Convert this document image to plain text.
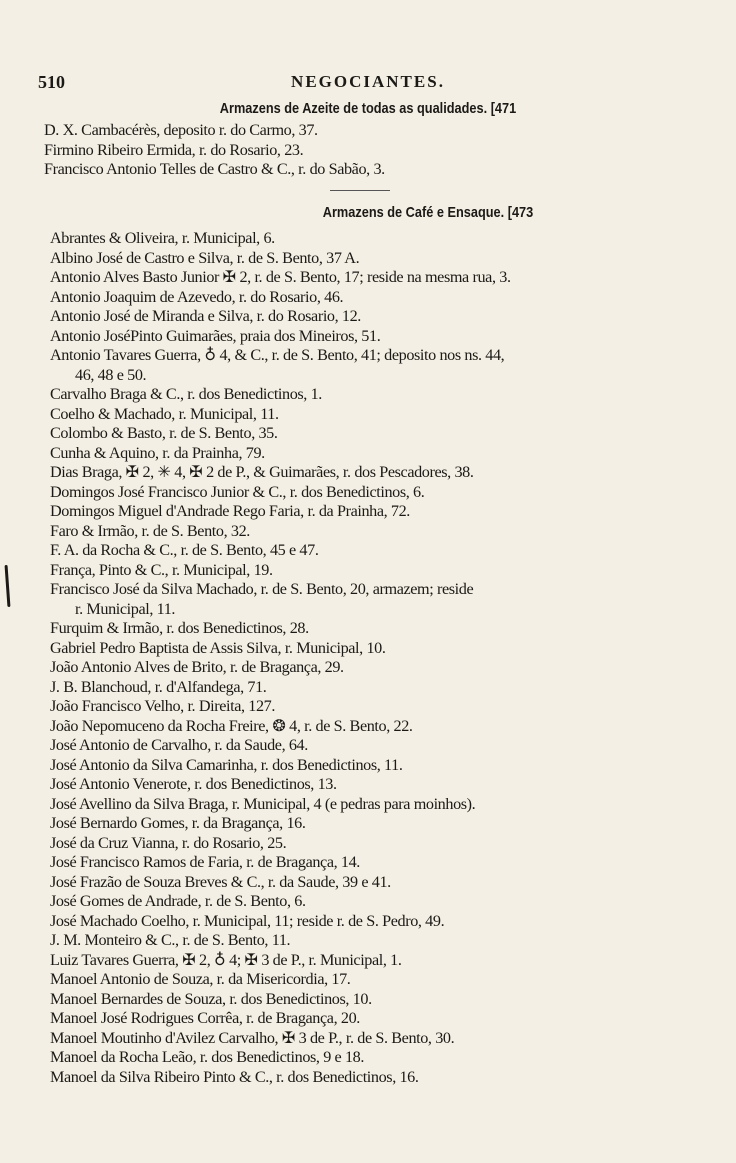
510	NEGOCIANTES.
Armazens de Azeite de todas as qualidades. [471
D. X. Cambacérès, deposito r. do Carmo, 37.
Firmino Ribeiro Ermida, r. do Rosario, 23.
Francisco Antonio Telles de Castro & C., r. do Sabão, 3.
Armazens de Café e Ensaque. [473
Abrantes & Oliveira, r. Municipal, 6.
Albino José de Castro e Silva, r. de S. Bento, 37 A.
Antonio Alves Basto Junior ✠ 2, r. de S. Bento, 17; reside na mesma rua, 3.
Antonio Joaquim de Azevedo, r. do Rosario, 46.
Antonio José de Miranda e Silva, r. do Rosario, 12.
Antonio JoséPinto Guimarães, praia dos Mineiros, 51.
Antonio Tavares Guerra, ♁ 4, & C., r. de S. Bento, 41; deposito nos ns. 44,
46, 48 e 50.
Carvalho Braga & C., r. dos Benedictinos, 1.
Coelho & Machado, r. Municipal, 11.
Colombo & Basto, r. de S. Bento, 35.
Cunha & Aquino, r. da Prainha, 79.
Dias Braga, ✠ 2, ✳ 4, ✠ 2 de P., & Guimarães, r. dos Pescadores, 38.
Domingos José Francisco Junior & C., r. dos Benedictinos, 6.
Domingos Miguel d'Andrade Rego Faria, r. da Prainha, 72.
Faro & Irmão, r. de S. Bento, 32.
F. A. da Rocha & C., r. de S. Bento, 45 e 47.
França, Pinto & C., r. Municipal, 19.
Francisco José da Silva Machado, r. de S. Bento, 20, armazem; reside
r. Municipal, 11.
Furquim & Irmão, r. dos Benedictinos, 28.
Gabriel Pedro Baptista de Assis Silva, r. Municipal, 10.
João Antonio Alves de Brito, r. de Bragança, 29.
J. B. Blanchoud, r. d'Alfandega, 71.
João Francisco Velho, r. Direita, 127.
João Nepomuceno da Rocha Freire, ❂ 4, r. de S. Bento, 22.
José Antonio de Carvalho, r. da Saude, 64.
José Antonio da Silva Camarinha, r. dos Benedictinos, 11.
José Antonio Venerote, r. dos Benedictinos, 13.
José Avellino da Silva Braga, r. Municipal, 4 (e pedras para moinhos).
José Bernardo Gomes, r. da Bragança, 16.
José da Cruz Vianna, r. do Rosario, 25.
José Francisco Ramos de Faria, r. de Bragança, 14.
José Frazão de Souza Breves & C., r. da Saude, 39 e 41.
José Gomes de Andrade, r. de S. Bento, 6.
José Machado Coelho, r. Municipal, 11; reside r. de S. Pedro, 49.
J. M. Monteiro & C., r. de S. Bento, 11.
Luiz Tavares Guerra, ✠ 2, ♁ 4; ✠ 3 de P., r. Municipal, 1.
Manoel Antonio de Souza, r. da Misericordia, 17.
Manoel Bernardes de Souza, r. dos Benedictinos, 10.
Manoel José Rodrigues Corrêa, r. de Bragança, 20.
Manoel Moutinho d'Avilez Carvalho, ✠ 3 de P., r. de S. Bento, 30.
Manoel da Rocha Leão, r. dos Benedictinos, 9 e 18.
Manoel da Silva Ribeiro Pinto & C., r. dos Benedictinos, 16.
